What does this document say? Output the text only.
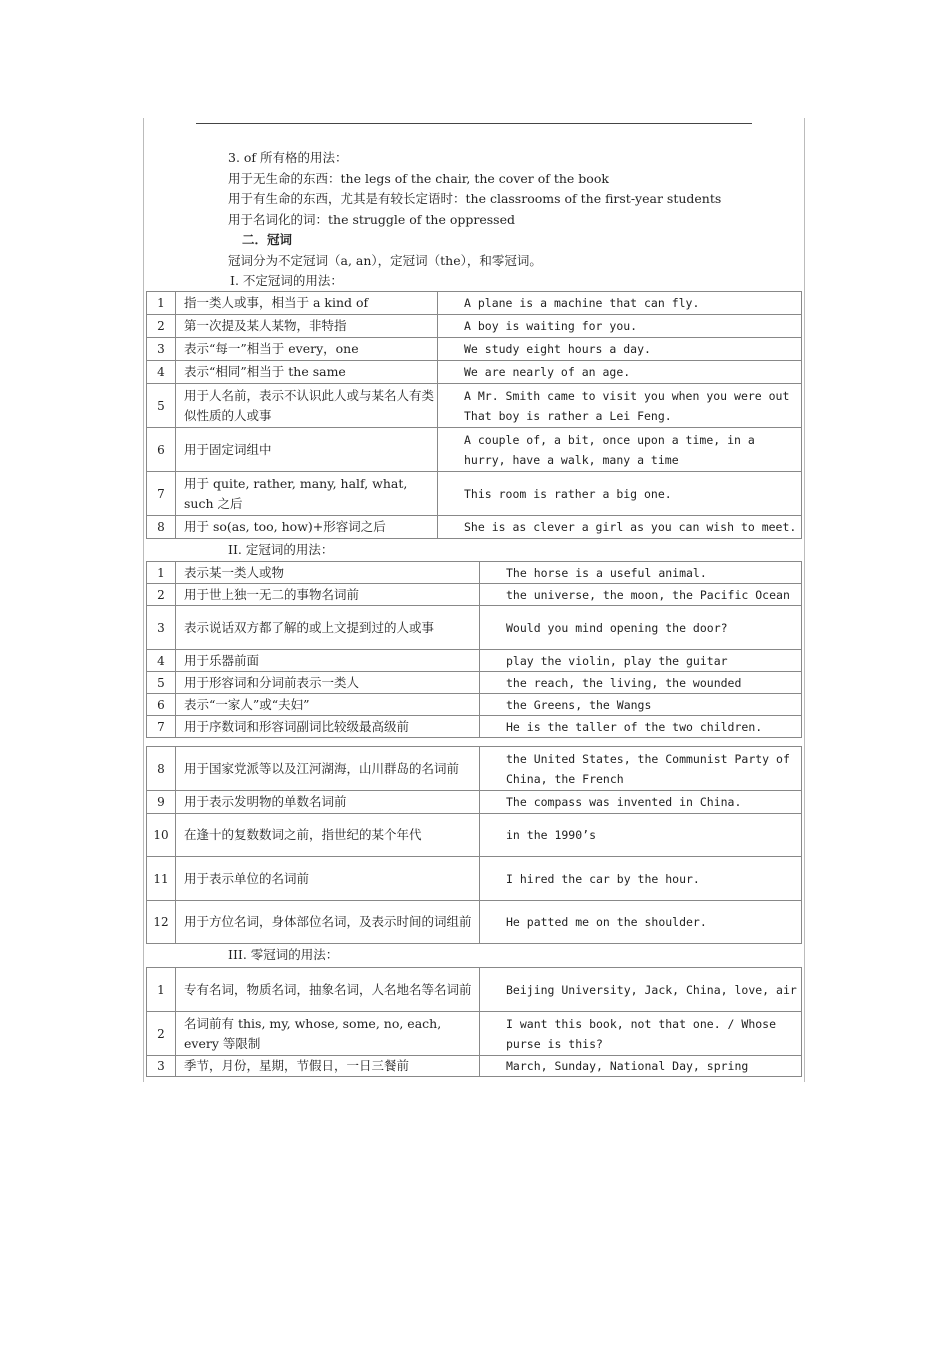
3. of 所有格的用法：
用于无生命的东西：the legs of the chair, the cover of the book
用于有生命的东西，尤其是有较长定语时：the classrooms of the first-year students
用于名词化的词：the struggle of the oppressed
二．冠词
冠词分为不定冠词（a, an），定冠词（the），和零冠词。
I. 不定冠词的用法：
1	指一类人或事，相当于 a kind of	A plane is a machine that can fly.
2	第一次提及某人某物，非特指	A boy is waiting for you.
3	表示“每一”相当于 every，one	We study eight hours a day.
4	表示“相同”相当于 the same	We are nearly of an age.
5	用于人名前，表示不认识此人或与某名人有类似性质的人或事	A Mr. Smith came to visit you when you were out That boy is rather a Lei Feng.
6	用于固定词组中	A couple of, a bit, once upon a time, in a hurry, have a walk, many a time
7	用于 quite, rather, many, half, what, such 之后	This room is rather a big one.
8	用于 so(as, too, how)+形容词之后	She is as clever a girl as you can wish to meet.
II. 定冠词的用法：
1	表示某一类人或物	The horse is a useful animal.
2	用于世上独一无二的事物名词前	the universe, the moon, the Pacific Ocean
3	表示说话双方都了解的或上文提到过的人或事	Would you mind opening the door?
4	用于乐器前面	play the violin, play the guitar
5	用于形容词和分词前表示一类人	the reach, the living, the wounded
6	表示“一家人”或“夫妇”	the Greens, the Wangs
7	用于序数词和形容词副词比较级最高级前	He is the taller of the two children.
8	用于国家党派等以及江河湖海，山川群岛的名词前	the United States, the Communist Party of China, the French
9	用于表示发明物的单数名词前	The compass was invented in China.
10	在逢十的复数数词之前，指世纪的某个年代	in the 1990’s
11	用于表示单位的名词前	I hired the car by the hour.
12	用于方位名词，身体部位名词，及表示时间的词组前	He patted me on the shoulder.
III. 零冠词的用法：
1	专有名词，物质名词，抽象名词，人名地名等名词前	Beijing University, Jack, China, love, air
2	名词前有 this, my, whose, some, no, each, every 等限制	I want this book, not that one. / Whose purse is this?
3	季节，月份，星期，节假日，一日三餐前	March, Sunday, National Day, spring
